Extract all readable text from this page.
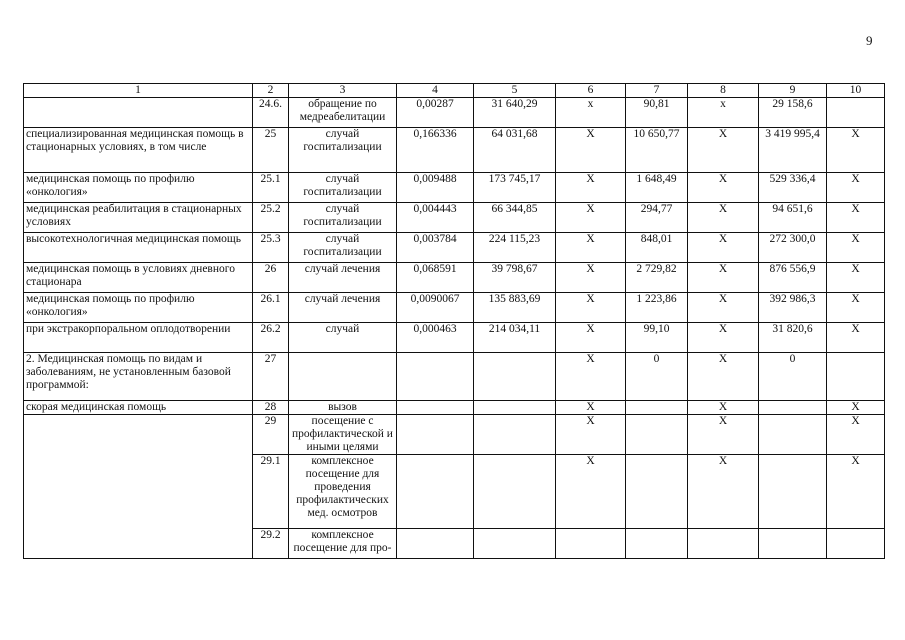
9
1	2	3	4	5	6	7	8	9	10
	24.6.	обращение по медреабелитации	0,00287	31 640,29	х	90,81	х	29 158,6	
специализированная медицинская помощь в стационарных условиях, в том числе	25	случай госпитализации	0,166336	64 031,68	X	10 650,77	X	3 419 995,4	X
медицинская помощь по профилю «онкология»	25.1	случай госпитализации	0,009488	173 745,17	X	1 648,49	X	529 336,4	X
медицинская реабилитация в стационарных условиях	25.2	случай госпитализации	0,004443	66 344,85	X	294,77	X	94 651,6	X
высокотехнологичная медицинская помощь	25.3	случай госпитализации	0,003784	224 115,23	X	848,01	X	272 300,0	X
медицинская помощь в условиях дневного стационара	26	случай лечения	0,068591	39 798,67	X	2 729,82	X	876 556,9	X
медицинская помощь по профилю «онкология»	26.1	случай лечения	0,0090067	135 883,69	X	1 223,86	X	392 986,3	X
при экстракорпоральном оплодотворении	26.2	случай	0,000463	214 034,11	X	99,10	X	31 820,6	X
2. Медицинская помощь по видам и заболеваниям, не установленным базовой программой:	27				X	0	X	0	
скорая медицинская помощь	28	вызов			X		X		X
	29	посещение с профилактической и иными целями			X		X		X
	29.1	комплексное посещение для проведения профилактических мед. осмотров			X		X		X
	29.2	комплексное посещение для про-							
